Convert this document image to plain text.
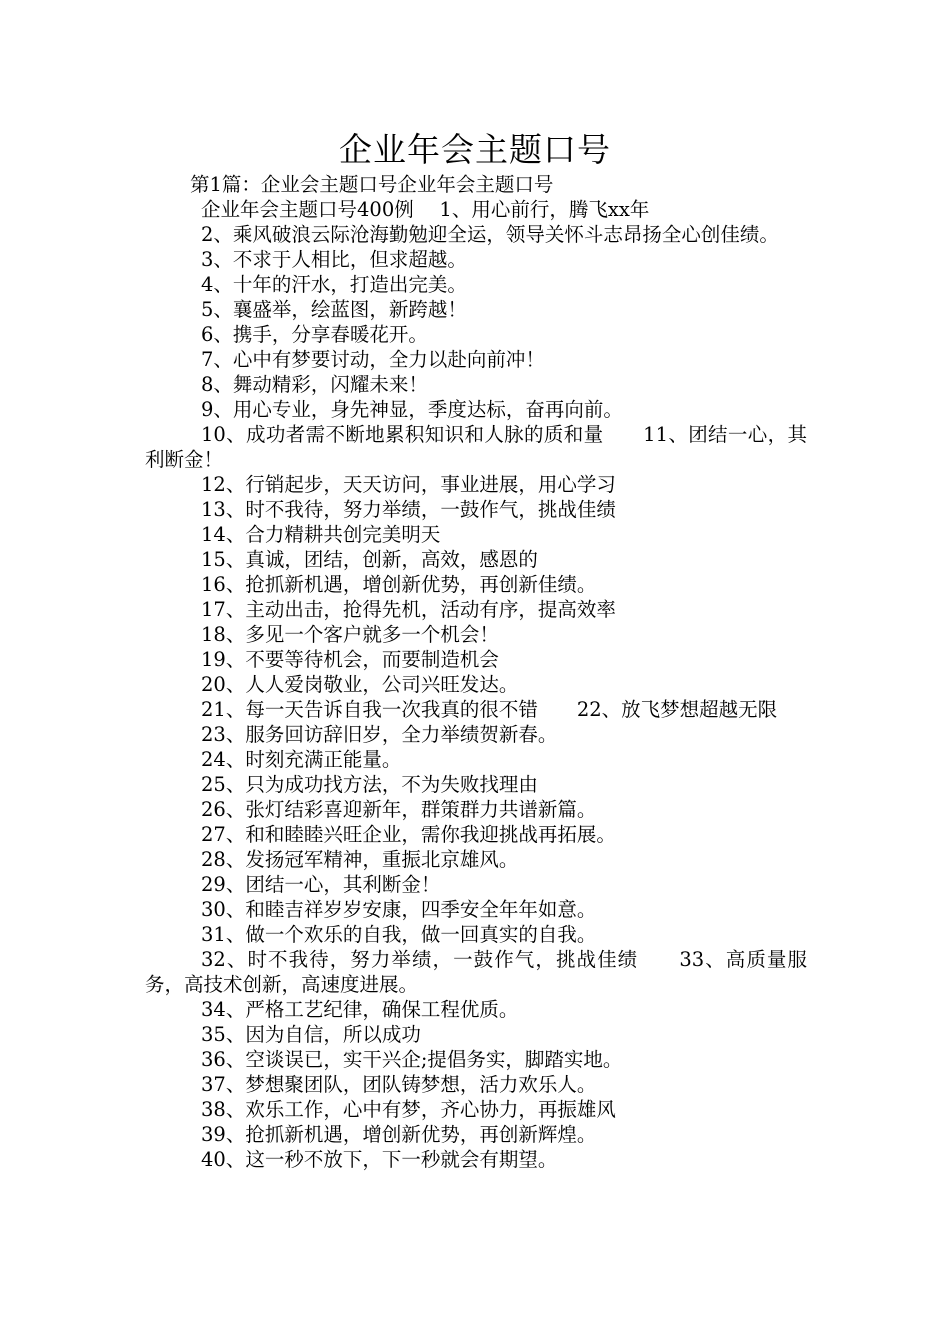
企业年会主题口号
第1篇：企业会主题口号企业年会主题口号
企业年会主题口号400例　 1、用心前行，腾飞xx年
2、乘风破浪云际沧海勤勉迎全运，领导关怀斗志昂扬全心创佳绩。
3、不求于人相比，但求超越。
4、十年的汗水，打造出完美。
5、襄盛举，绘蓝图，新跨越！
6、携手，分享春暖花开。
7、心中有梦要讨动，全力以赴向前冲！
8、舞动精彩，闪耀未来！
9、用心专业，身先神显，季度达标，奋再向前。
10、成功者需不断地累积知识和人脉的质和量　　11、团结一心，其利断金！
12、行销起步，天天访问，事业进展，用心学习
13、时不我待，努力举绩，一鼓作气，挑战佳绩
14、合力精耕共创完美明天
15、真诚，团结，创新，高效，感恩的
16、抢抓新机遇，增创新优势，再创新佳绩。
17、主动出击，抢得先机，活动有序，提高效率
18、多见一个客户就多一个机会！
19、不要等待机会，而要制造机会
20、人人爱岗敬业，公司兴旺发达。
21、每一天告诉自我一次我真的很不错　　22、放飞梦想超越无限
23、服务回访辞旧岁，全力举绩贺新春。
24、时刻充满正能量。
25、只为成功找方法，不为失败找理由
26、张灯结彩喜迎新年，群策群力共谱新篇。
27、和和睦睦兴旺企业，需你我迎挑战再拓展。
28、发扬冠军精神，重振北京雄风。
29、团结一心，其利断金！
30、和睦吉祥岁岁安康，四季安全年年如意。
31、做一个欢乐的自我，做一回真实的自我。
32、时不我待，努力举绩，一鼓作气，挑战佳绩　　33、高质量服务，高技术创新，高速度进展。
34、严格工艺纪律，确保工程优质。
35、因为自信，所以成功
36、空谈误已，实干兴企;提倡务实，脚踏实地。
37、梦想聚团队，团队铸梦想，活力欢乐人。
38、欢乐工作，心中有梦，齐心协力，再振雄风
39、抢抓新机遇，增创新优势，再创新辉煌。
40、这一秒不放下，下一秒就会有期望。
